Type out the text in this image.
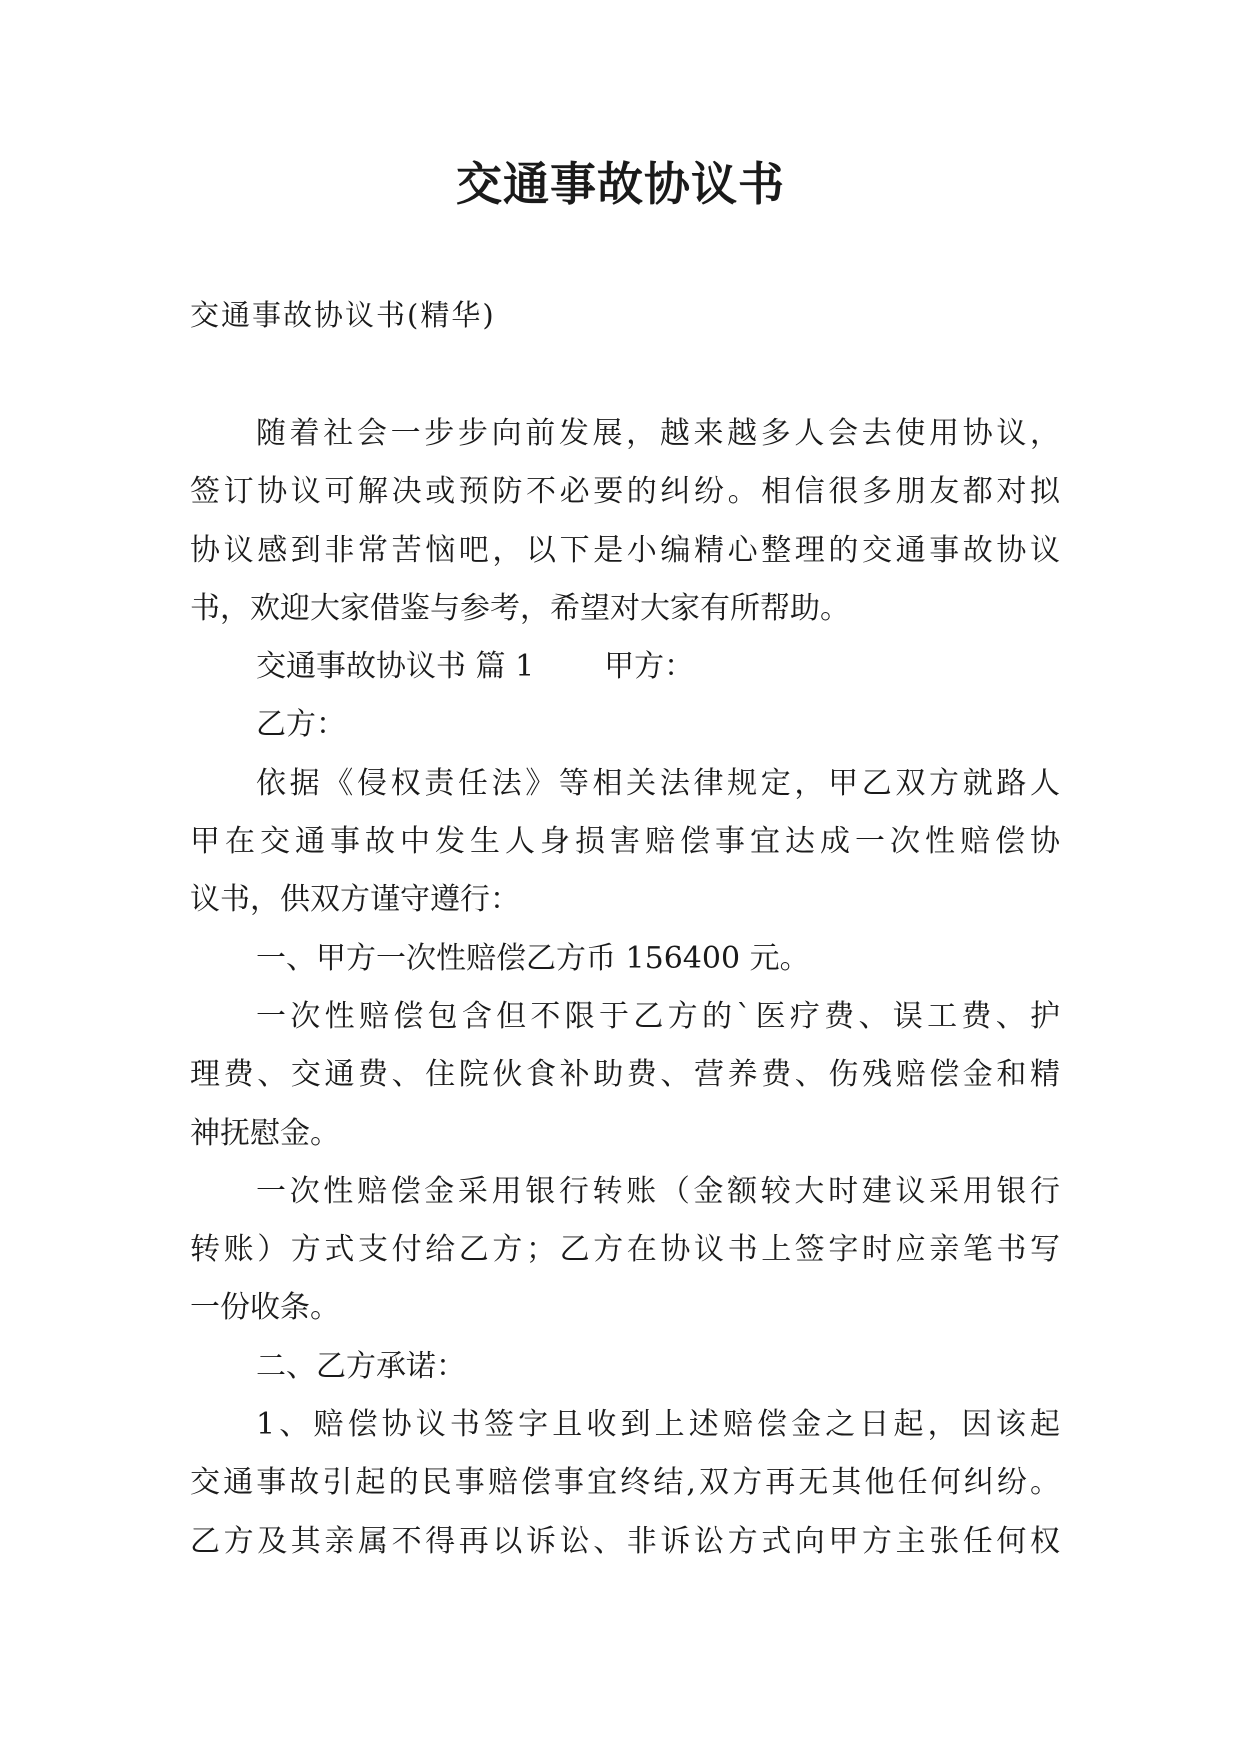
交通事故协议书
交通事故协议书(精华)
随着社会一步步向前发展，越来越多人会去使用协议，
签订协议可解决或预防不必要的纠纷。相信很多朋友都对拟
协议感到非常苦恼吧，以下是小编精心整理的交通事故协议
书，欢迎大家借鉴与参考，希望对大家有所帮助。
交通事故协议书 篇 1 甲方：
乙方：
依据《侵权责任法》等相关法律规定，甲乙双方就路人
甲在交通事故中发生人身损害赔偿事宜达成一次性赔偿协
议书，供双方谨守遵行：
一、甲方一次性赔偿乙方币 156400 元。
一次性赔偿包含但不限于乙方的`医疗费、误工费、护
理费、交通费、住院伙食补助费、营养费、伤残赔偿金和精
神抚慰金。
一次性赔偿金采用银行转账（金额较大时建议采用银行
转账）方式支付给乙方；乙方在协议书上签字时应亲笔书写
一份收条。
二、乙方承诺：
1、赔偿协议书签字且收到上述赔偿金之日起，因该起
交通事故引起的民事赔偿事宜终结,双方再无其他任何纠纷。
乙方及其亲属不得再以诉讼、非诉讼方式向甲方主张任何权
